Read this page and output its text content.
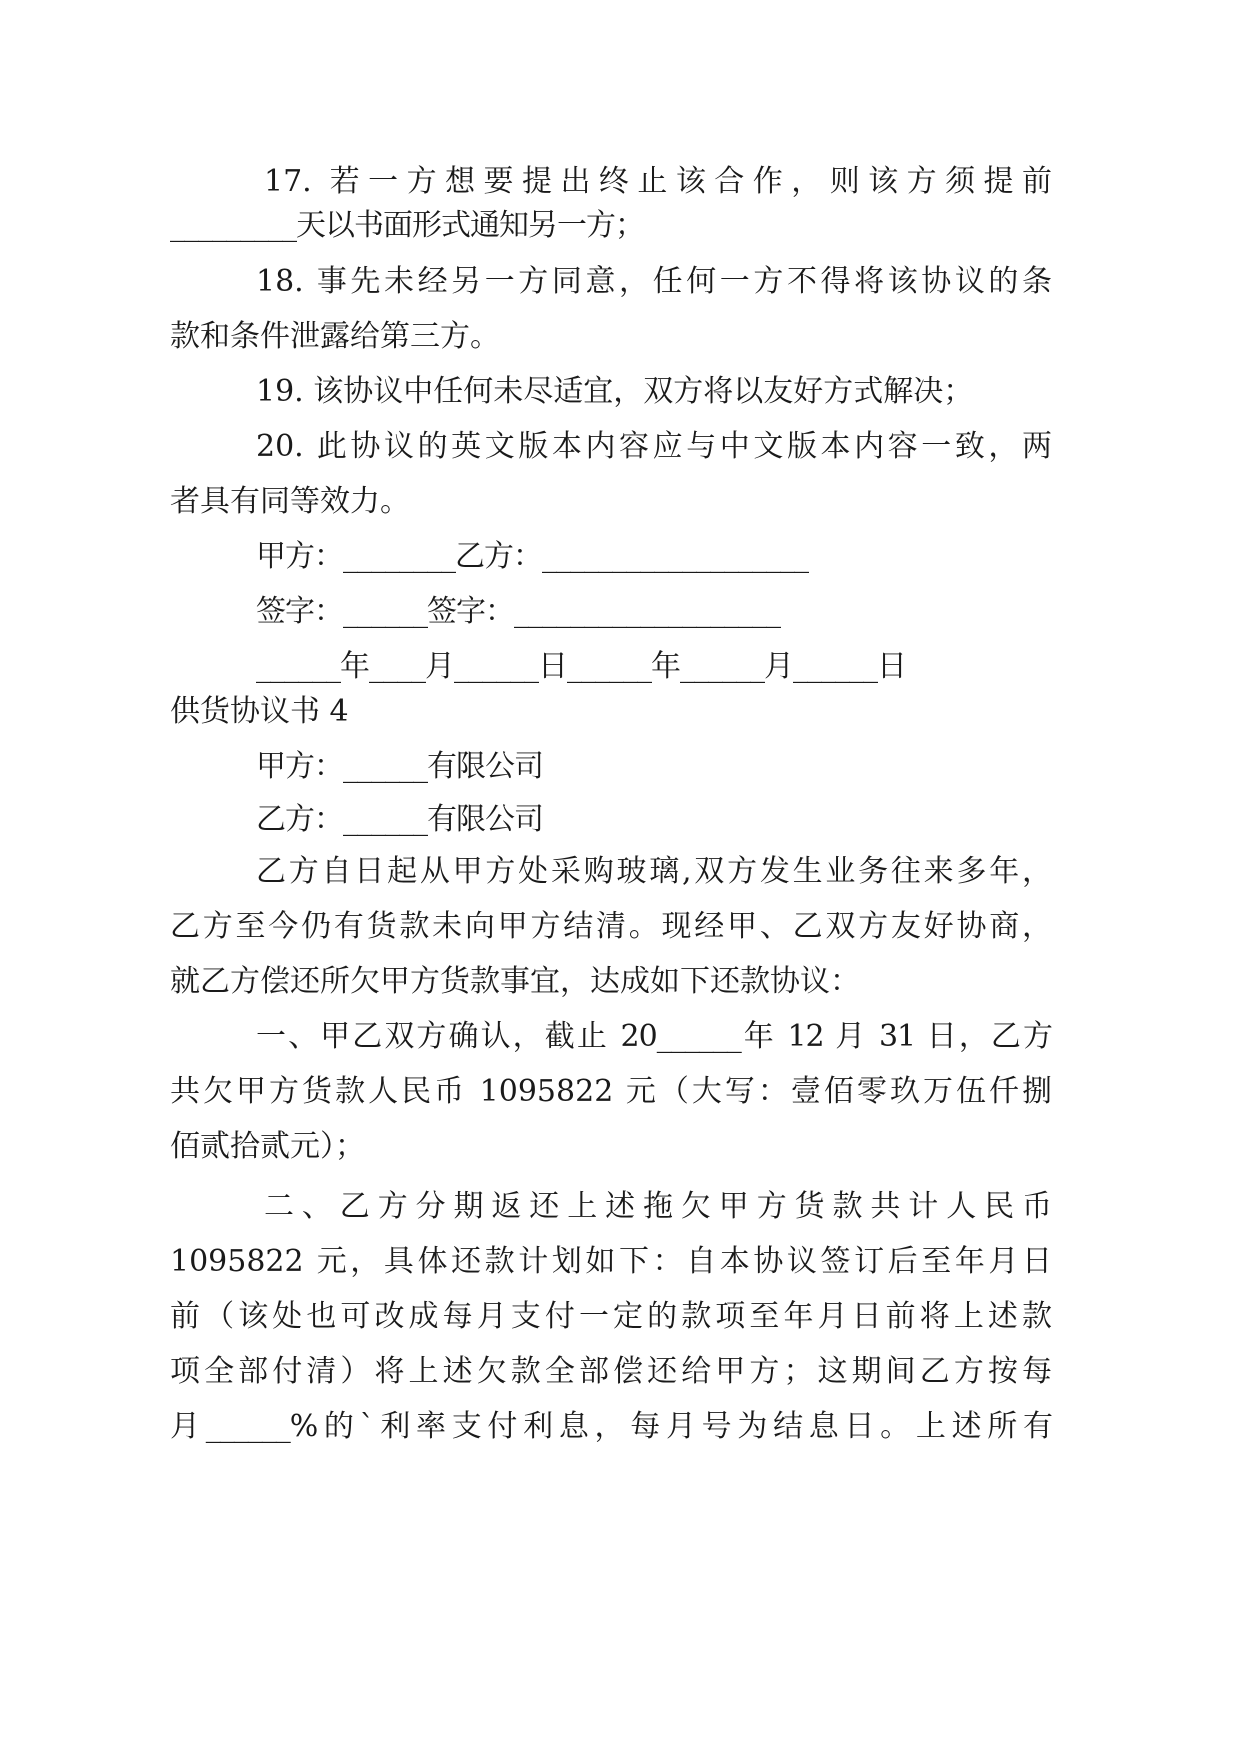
17. 若一方想要提出终止该合作，则该方须提前
_________天以书面形式通知另一方；
18. 事先未经另一方同意，任何一方不得将该协议的条
款和条件泄露给第三方。
19. 该协议中任何未尽适宜，双方将以友好方式解决；
20. 此协议的英文版本内容应与中文版本内容一致，两
者具有同等效力。
甲方：________乙方：___________________
签字：______签字：___________________
______年____月______日______年______月______日
供货协议书 4
甲方：______有限公司
乙方：______有限公司
乙方自日起从甲方处采购玻璃,双方发生业务往来多年，
乙方至今仍有货款未向甲方结清。现经甲、乙双方友好协商，
就乙方偿还所欠甲方货款事宜，达成如下还款协议：
一、甲乙双方确认，截止 20______年 12 月 31 日，乙方
共欠甲方货款人民币 1095822 元（大写：壹佰零玖万伍仟捌
佰贰拾贰元）；
二、乙方分期返还上述拖欠甲方货款共计人民币
1095822 元，具体还款计划如下：自本协议签订后至年月日
前（该处也可改成每月支付一定的款项至年月日前将上述款
项全部付清）将上述欠款全部偿还给甲方；这期间乙方按每
月______%的`利率支付利息，每月号为结息日。上述所有
